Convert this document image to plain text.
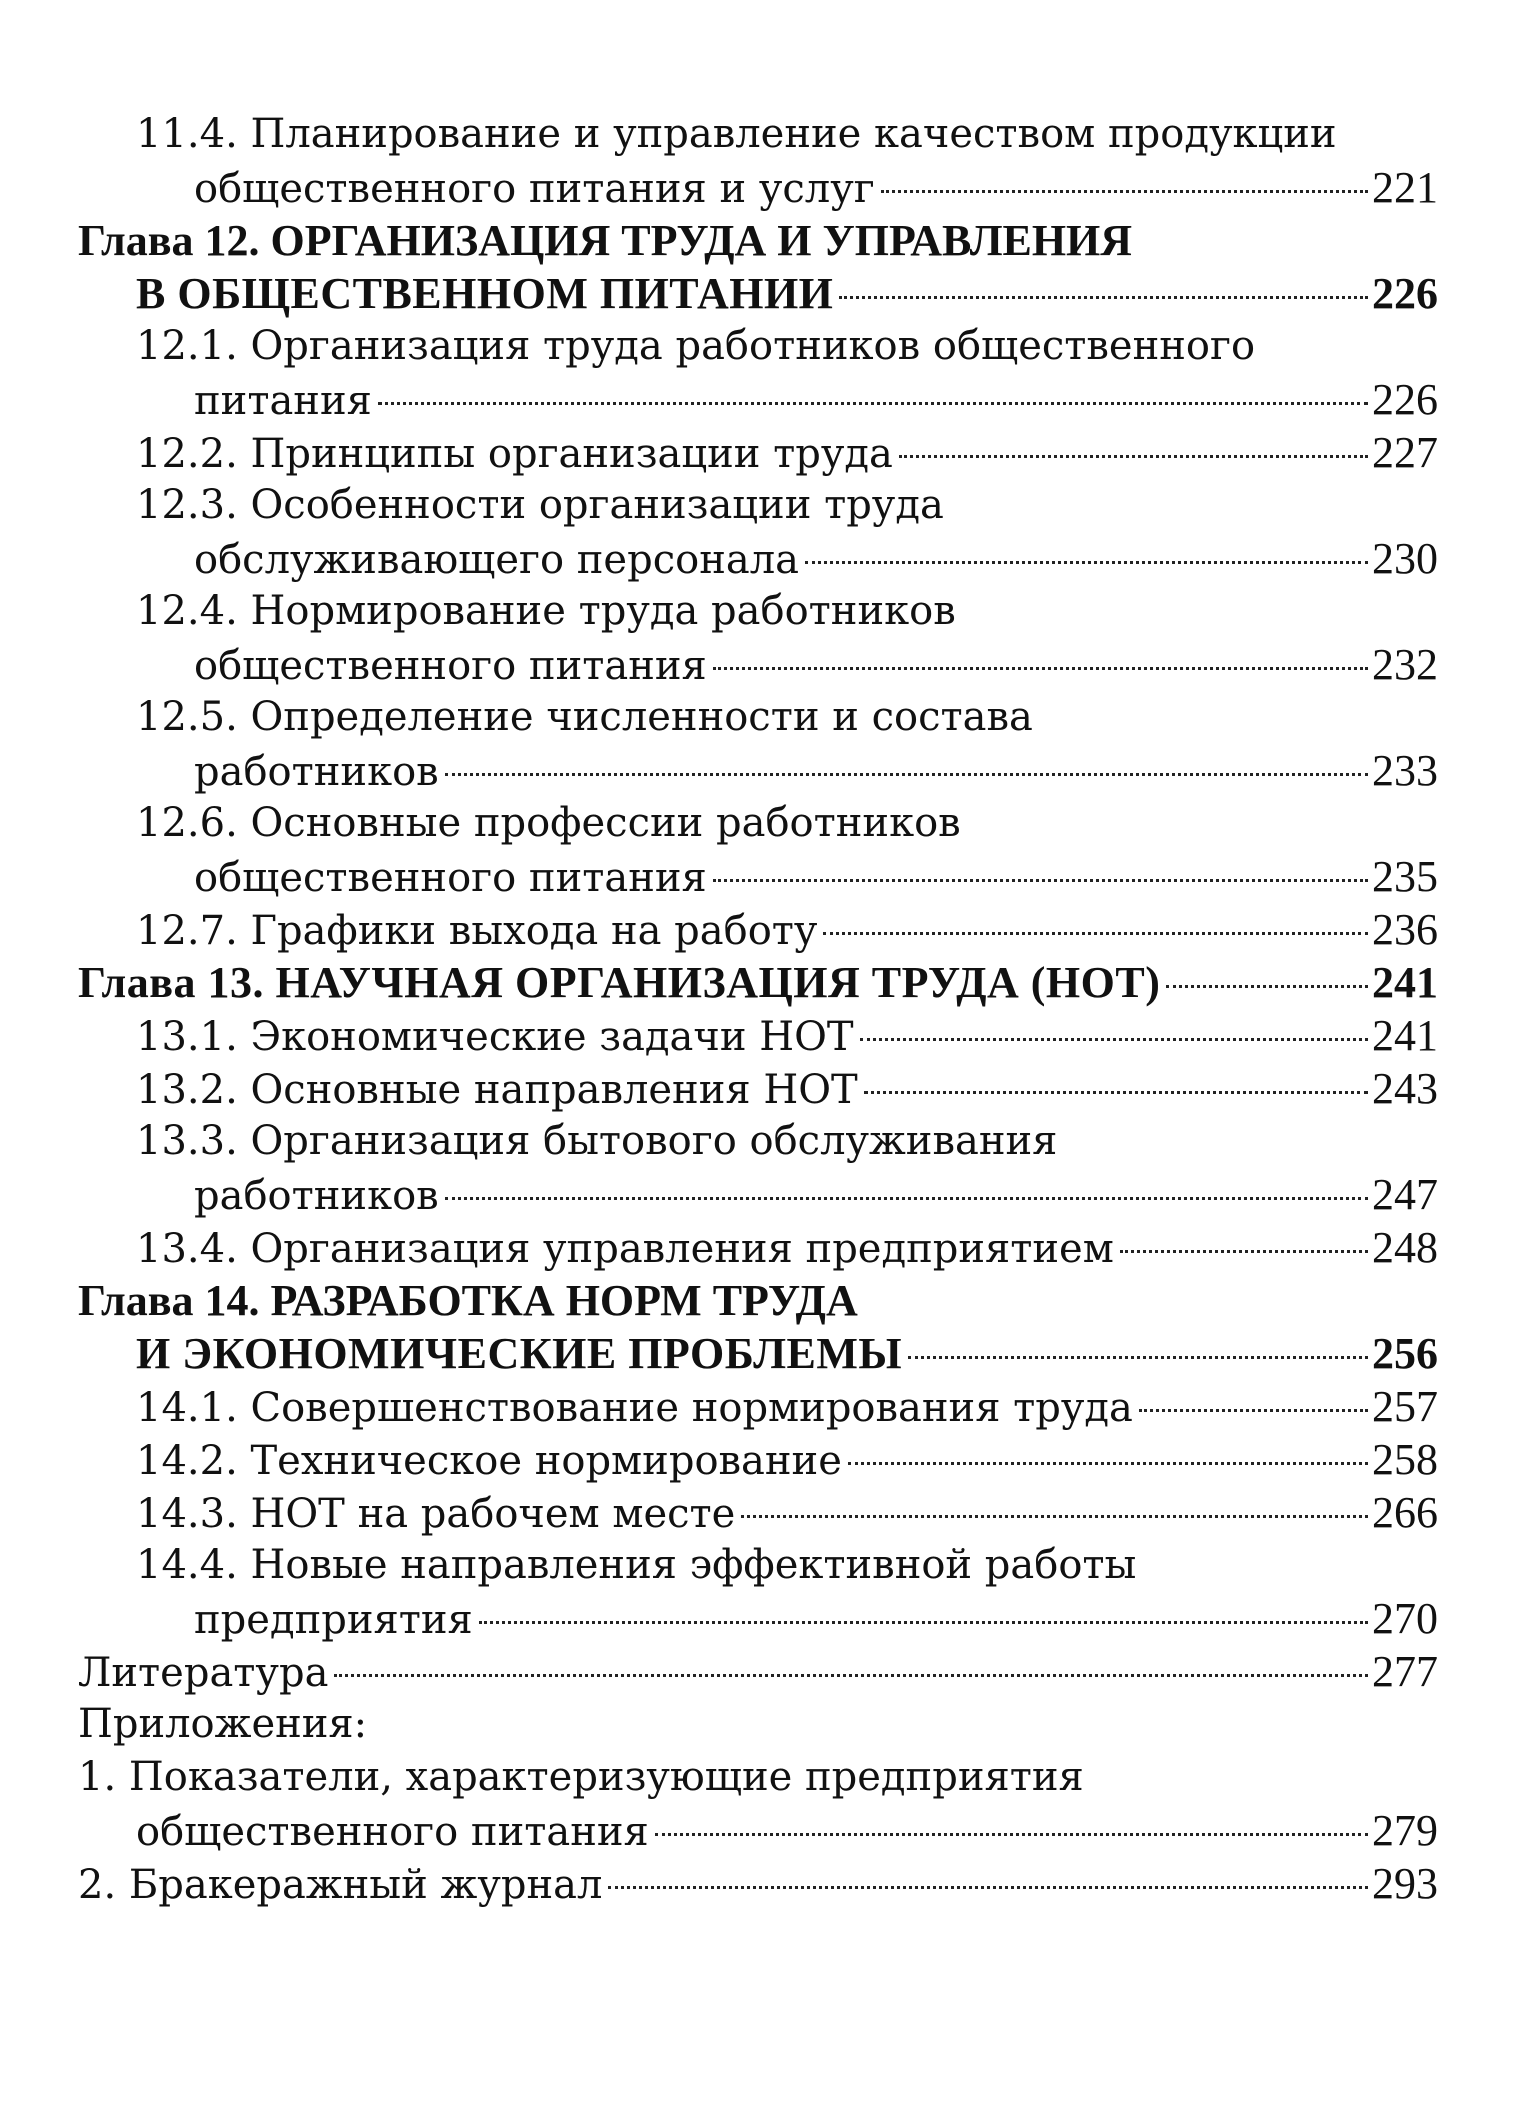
11.4. Планирование и управление качеством продукции
общественного питания и услуг	221
Глава 12. ОРГАНИЗАЦИЯ ТРУДА И УПРАВЛЕНИЯ
В ОБЩЕСТВЕННОМ ПИТАНИИ	226
12.1. Организация труда работников общественного
питания	226
12.2. Принципы организации труда	227
12.3. Особенности организации труда
обслуживающего персонала	230
12.4. Нормирование труда работников
общественного питания	232
12.5. Определение численности и состава
работников	233
12.6. Основные профессии работников
общественного питания	235
12.7. Графики выхода на работу	236
Глава 13. НАУЧНАЯ ОРГАНИЗАЦИЯ ТРУДА (НОТ)	241
13.1. Экономические задачи НОТ	241
13.2. Основные направления НОТ	243
13.3. Организация бытового обслуживания
работников	247
13.4. Организация управления предприятием	248
Глава 14. РАЗРАБОТКА НОРМ ТРУДА
И ЭКОНОМИЧЕСКИЕ ПРОБЛЕМЫ	256
14.1. Совершенствование нормирования труда	257
14.2. Техническое нормирование	258
14.3. НОТ на рабочем месте	266
14.4. Новые направления эффективной работы
предприятия	270
Литература	277
Приложения:
1. Показатели, характеризующие предприятия
общественного питания	279
2. Бракеражный журнал	293
